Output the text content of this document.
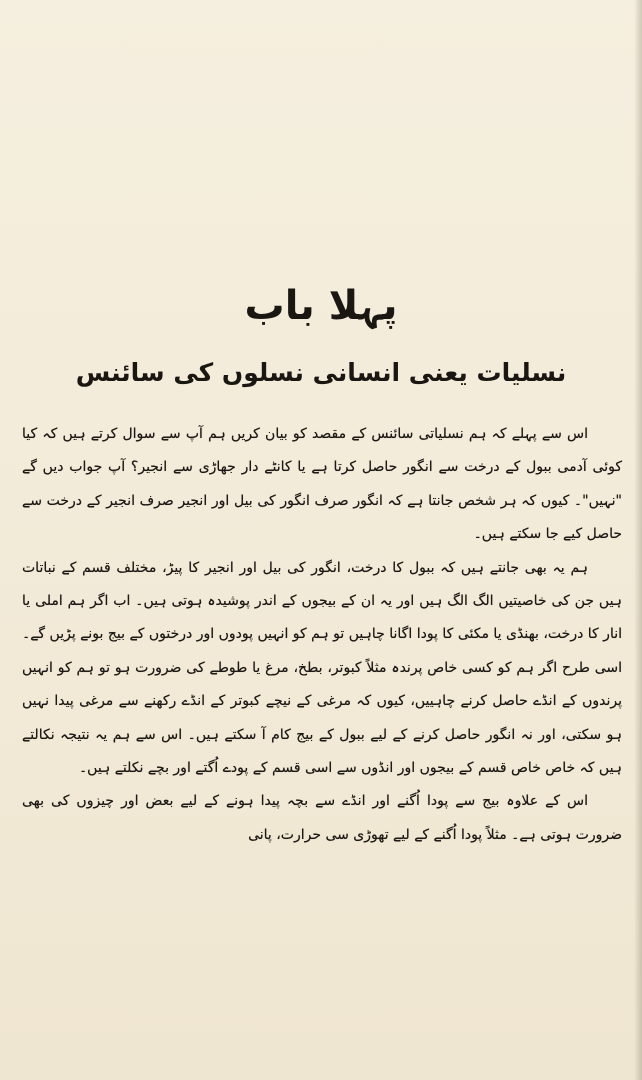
پہلا باب
نسلیات یعنی انسانی نسلوں کی سائنس

اس سے پہلے کہ ہم نسلیاتی سائنس کے مقصد کو بیان کریں ہم آپ سے سوال کرتے ہیں کہ کیا کوئی آدمی ببول کے درخت سے انگور حاصل کرتا ہے یا کانٹے دار جھاڑی سے انجیر؟ آپ جواب دیں گے "نہیں"۔ کیوں کہ ہر شخص جانتا ہے کہ انگور صرف انگور کی بیل اور انجیر صرف انجیر کے درخت سے حاصل کیے جا سکتے ہیں۔

ہم یہ بھی جانتے ہیں کہ ببول کا درخت، انگور کی بیل اور انجیر کا پیڑ، مختلف قسم کے نباتات ہیں جن کی خاصیتیں الگ الگ ہیں اور یہ ان کے بیجوں کے اندر پوشیدہ ہوتی ہیں۔ اب اگر ہم املی یا انار کا درخت، بھنڈی یا مکئی کا پودا اگانا چاہیں تو ہم کو انہیں پودوں اور درختوں کے بیج بونے پڑیں گے۔ اسی طرح اگر ہم کو کسی خاص پرندہ مثلاً کبوتر، بطخ، مرغ یا طوطے کی ضرورت ہو تو ہم کو انہیں پرندوں کے انڈے حاصل کرنے چاہییں، کیوں کہ مرغی کے نیچے کبوتر کے انڈے رکھنے سے مرغی پیدا نہیں ہو سکتی، اور نہ انگور حاصل کرنے کے لیے ببول کے بیج کام آ سکتے ہیں۔ اس سے ہم یہ نتیجہ نکالتے ہیں کہ خاص خاص قسم کے بیجوں اور انڈوں سے اسی قسم کے پودے اُگتے اور بچے نکلتے ہیں۔

اس کے علاوہ بیج سے پودا اُگنے اور انڈے سے بچہ پیدا ہونے کے لیے بعض اور چیزوں کی بھی ضرورت ہوتی ہے۔ مثلاً پودا اُگنے کے لیے تھوڑی سی حرارت، پانی
